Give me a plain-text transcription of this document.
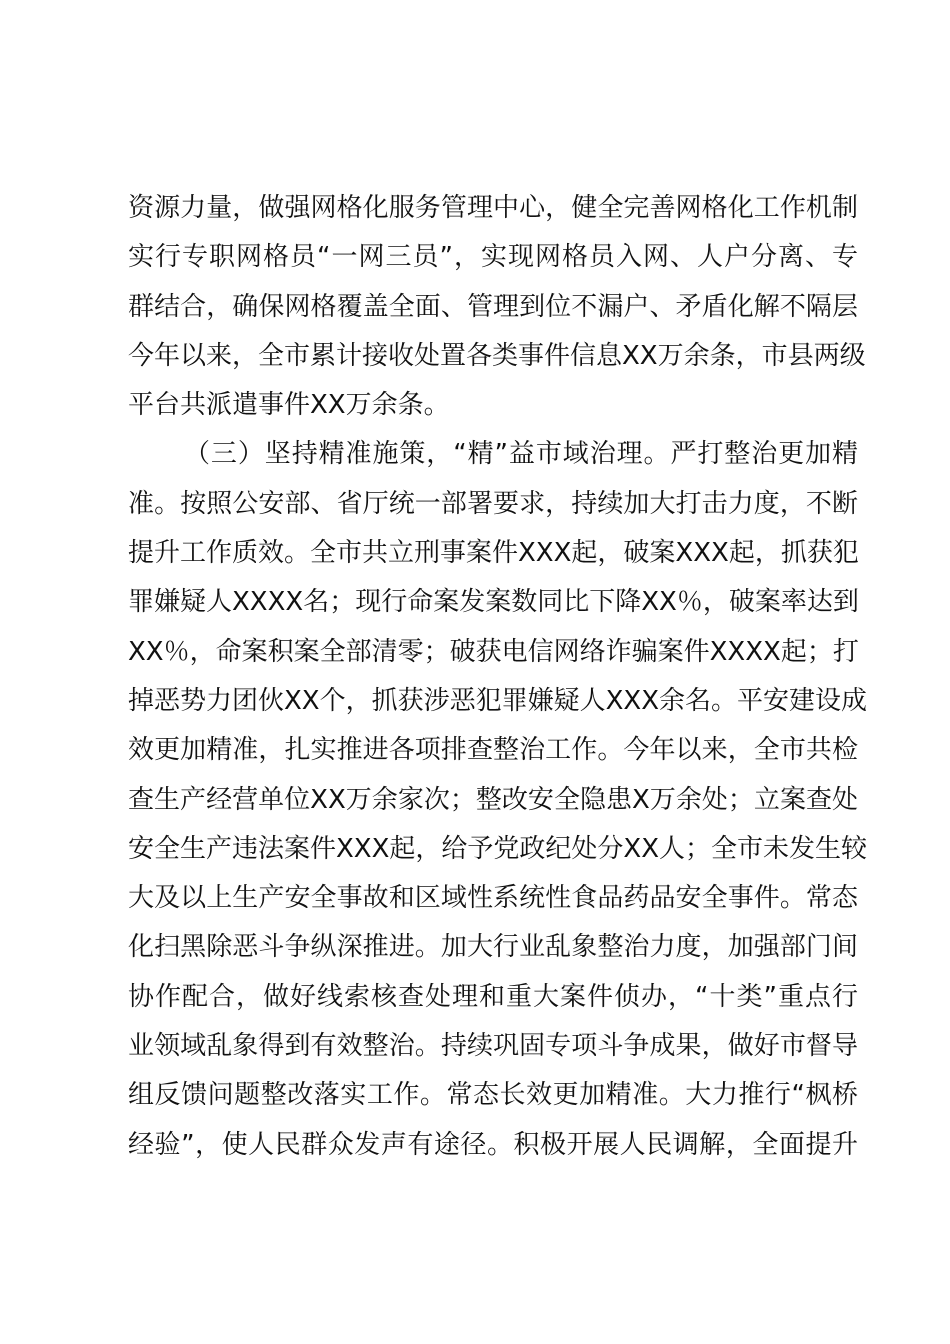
资源力量，做强网格化服务管理中心，健全完善网格化工作机制
实行专职网格员“一网三员”，实现网格员入网、人户分离、专
群结合，确保网格覆盖全面、管理到位不漏户、矛盾化解不隔层
今年以来，全市累计接收处置各类事件信息XX万余条，市县两级
平台共派遣事件XX万余条。
（三）坚持精准施策，“精”益市域治理。严打整治更加精
准。按照公安部、省厅统一部署要求，持续加大打击力度，不断
提升工作质效。全市共立刑事案件XXX起，破案XXX起，抓获犯
罪嫌疑人XXXX名；现行命案发案数同比下降XX％，破案率达到
XX％，命案积案全部清零；破获电信网络诈骗案件XXXX起；打
掉恶势力团伙XX个，抓获涉恶犯罪嫌疑人XXX余名。平安建设成
效更加精准，扎实推进各项排查整治工作。今年以来，全市共检
查生产经营单位XX万余家次；整改安全隐患X万余处；立案查处
安全生产违法案件XXX起，给予党政纪处分XX人；全市未发生较
大及以上生产安全事故和区域性系统性食品药品安全事件。常态
化扫黑除恶斗争纵深推进。加大行业乱象整治力度，加强部门间
协作配合，做好线索核查处理和重大案件侦办，“十类”重点行
业领域乱象得到有效整治。持续巩固专项斗争成果，做好市督导
组反馈问题整改落实工作。常态长效更加精准。大力推行“枫桥
经验”，使人民群众发声有途径。积极开展人民调解，全面提升
